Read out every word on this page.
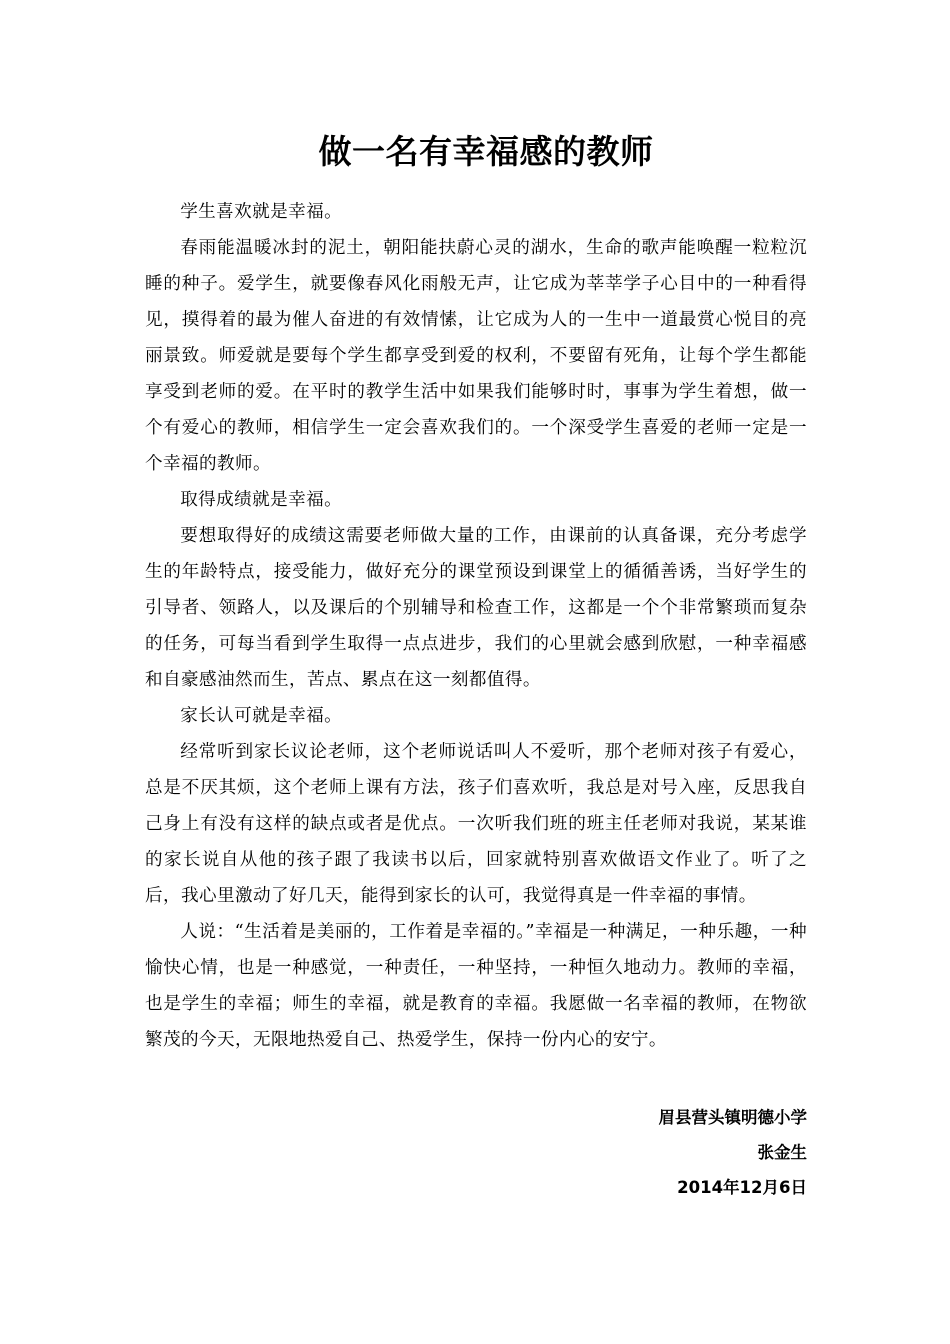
做一名有幸福感的教师

学生喜欢就是幸福。

春雨能温暖冰封的泥土，朝阳能扶蔚心灵的湖水，生命的歌声能唤醒一粒粒沉睡的种子。爱学生，就要像春风化雨般无声，让它成为莘莘学子心目中的一种看得见，摸得着的最为催人奋进的有效情愫，让它成为人的一生中一道最赏心悦目的亮丽景致。师爱就是要每个学生都享受到爱的权利，不要留有死角，让每个学生都能享受到老师的爱。在平时的教学生活中如果我们能够时时，事事为学生着想，做一个有爱心的教师，相信学生一定会喜欢我们的。一个深受学生喜爱的老师一定是一个幸福的教师。

取得成绩就是幸福。

要想取得好的成绩这需要老师做大量的工作，由课前的认真备课，充分考虑学生的年龄特点，接受能力，做好充分的课堂预设到课堂上的循循善诱，当好学生的引导者、领路人，以及课后的个别辅导和检查工作，这都是一个个非常繁琐而复杂的任务，可每当看到学生取得一点点进步，我们的心里就会感到欣慰，一种幸福感和自豪感油然而生，苦点、累点在这一刻都值得。

家长认可就是幸福。

经常听到家长议论老师，这个老师说话叫人不爱听，那个老师对孩子有爱心，总是不厌其烦，这个老师上课有方法，孩子们喜欢听，我总是对号入座，反思我自己身上有没有这样的缺点或者是优点。一次听我们班的班主任老师对我说，某某谁的家长说自从他的孩子跟了我读书以后，回家就特别喜欢做语文作业了。听了之后，我心里激动了好几天，能得到家长的认可，我觉得真是一件幸福的事情。

人说：“生活着是美丽的，工作着是幸福的。”幸福是一种满足，一种乐趣，一种愉快心情，也是一种感觉，一种责任，一种坚持，一种恒久地动力。教师的幸福，也是学生的幸福；师生的幸福，就是教育的幸福。我愿做一名幸福的教师，在物欲繁茂的今天，无限地热爱自己、热爱学生，保持一份内心的安宁。

眉县营头镇明德小学
张金生
2014年12月6日
